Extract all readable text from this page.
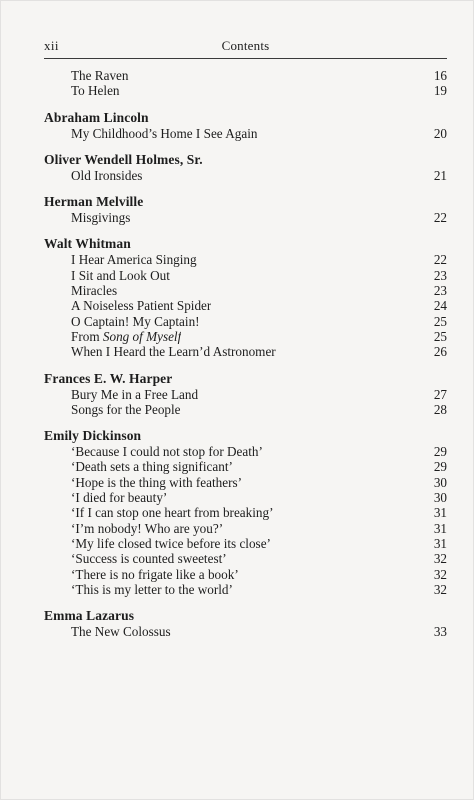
xii	Contents
The Raven	16
To Helen	19
Abraham Lincoln
My Childhood’s Home I See Again	20
Oliver Wendell Holmes, Sr.
Old Ironsides	21
Herman Melville
Misgivings	22
Walt Whitman
I Hear America Singing	22
I Sit and Look Out	23
Miracles	23
A Noiseless Patient Spider	24
O Captain! My Captain!	25
From Song of Myself	25
When I Heard the Learn’d Astronomer	26
Frances E. W. Harper
Bury Me in a Free Land	27
Songs for the People	28
Emily Dickinson
‘Because I could not stop for Death’	29
‘Death sets a thing significant’	29
‘Hope is the thing with feathers’	30
‘I died for beauty’	30
‘If I can stop one heart from breaking’	31
‘I’m nobody! Who are you?’	31
‘My life closed twice before its close’	31
‘Success is counted sweetest’	32
‘There is no frigate like a book’	32
‘This is my letter to the world’	32
Emma Lazarus
The New Colossus	33
